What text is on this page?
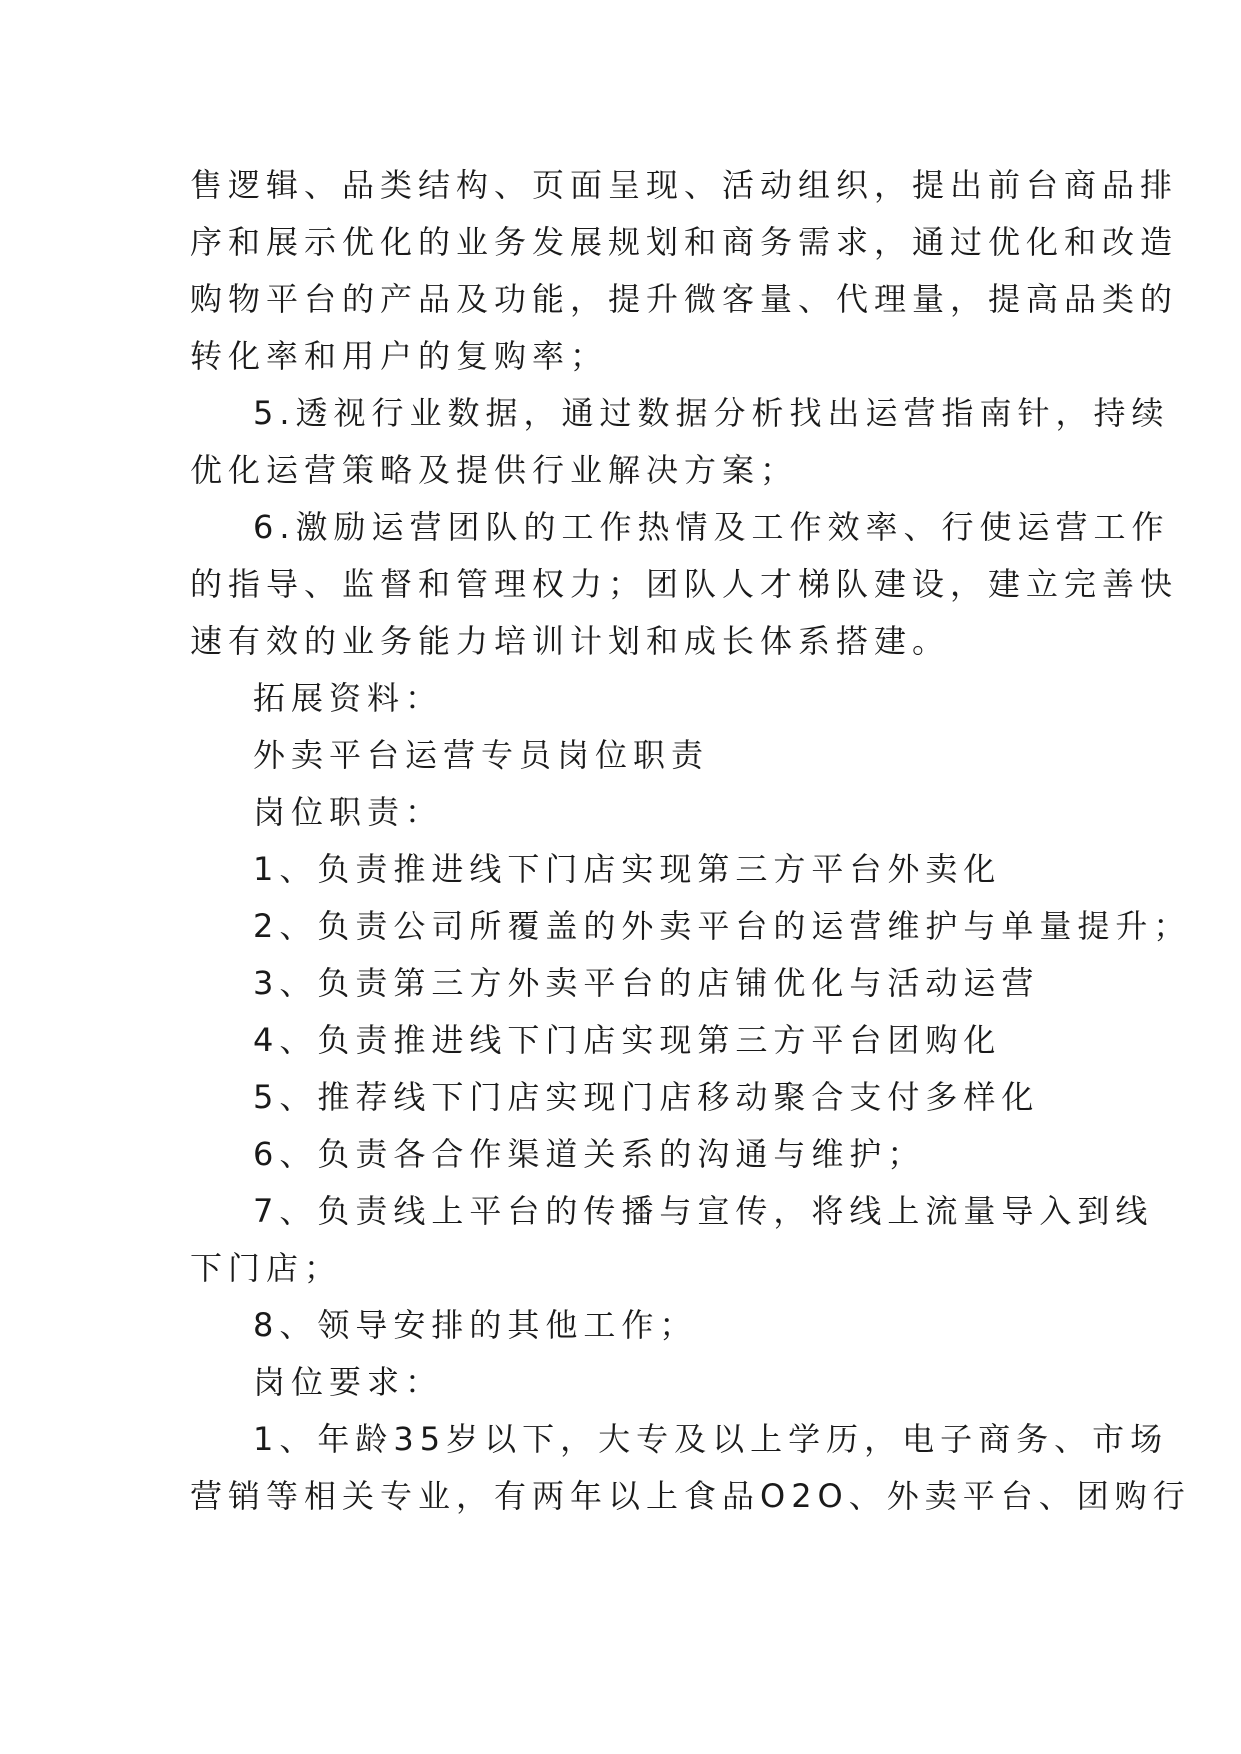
售逻辑、品类结构、页面呈现、活动组织，提出前台商品排
序和展示优化的业务发展规划和商务需求，通过优化和改造
购物平台的产品及功能，提升微客量、代理量，提高品类的
转化率和用户的复购率；
5.透视行业数据，通过数据分析找出运营指南针，持续
优化运营策略及提供行业解决方案；
6.激励运营团队的工作热情及工作效率、行使运营工作
的指导、监督和管理权力；团队人才梯队建设，建立完善快
速有效的业务能力培训计划和成长体系搭建。
拓展资料：
外卖平台运营专员岗位职责
岗位职责：
1、负责推进线下门店实现第三方平台外卖化
2、负责公司所覆盖的外卖平台的运营维护与单量提升；
3、负责第三方外卖平台的店铺优化与活动运营
4、负责推进线下门店实现第三方平台团购化
5、推荐线下门店实现门店移动聚合支付多样化
6、负责各合作渠道关系的沟通与维护；
7、负责线上平台的传播与宣传，将线上流量导入到线
下门店；
8、领导安排的其他工作；
岗位要求：
1、年龄35岁以下，大专及以上学历，电子商务、市场
营销等相关专业，有两年以上食品O2O、外卖平台、团购行
